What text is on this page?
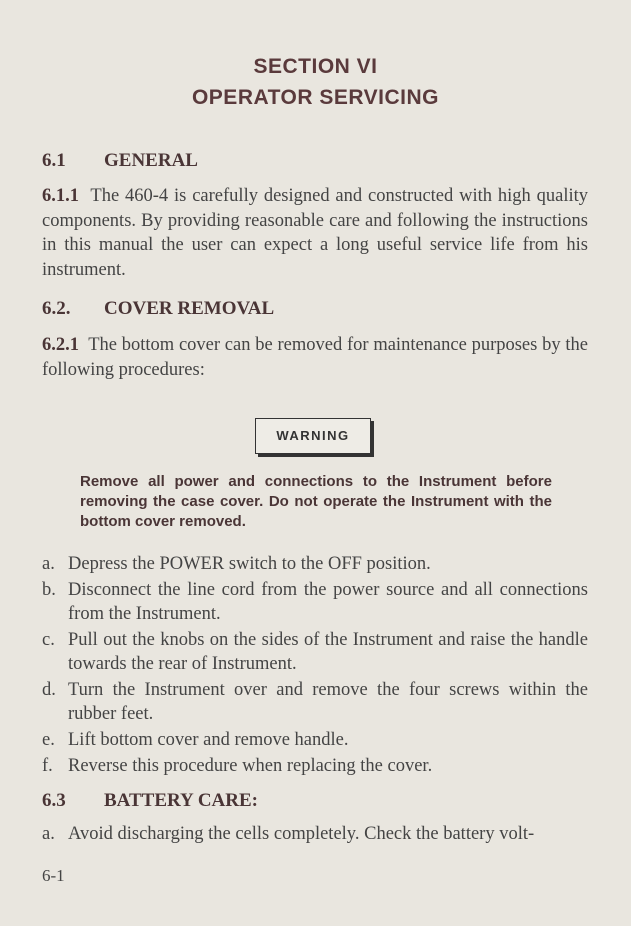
SECTION VI
OPERATOR SERVICING
6.1 GENERAL
6.1.1 The 460-4 is carefully designed and constructed with high quality components. By providing reasonable care and following the instructions in this manual the user can expect a long useful service life from his instrument.
6.2. COVER REMOVAL
6.2.1 The bottom cover can be removed for maintenance purposes by the following procedures:
WARNING
Remove all power and connections to the Instrument before removing the case cover. Do not operate the Instrument with the bottom cover removed.
a. Depress the POWER switch to the OFF position.
b. Disconnect the line cord from the power source and all connections from the Instrument.
c. Pull out the knobs on the sides of the Instrument and raise the handle towards the rear of Instrument.
d. Turn the Instrument over and remove the four screws within the rubber feet.
e. Lift bottom cover and remove handle.
f. Reverse this procedure when replacing the cover.
6.3 BATTERY CARE:
a. Avoid discharging the cells completely. Check the battery volt-
6-1
